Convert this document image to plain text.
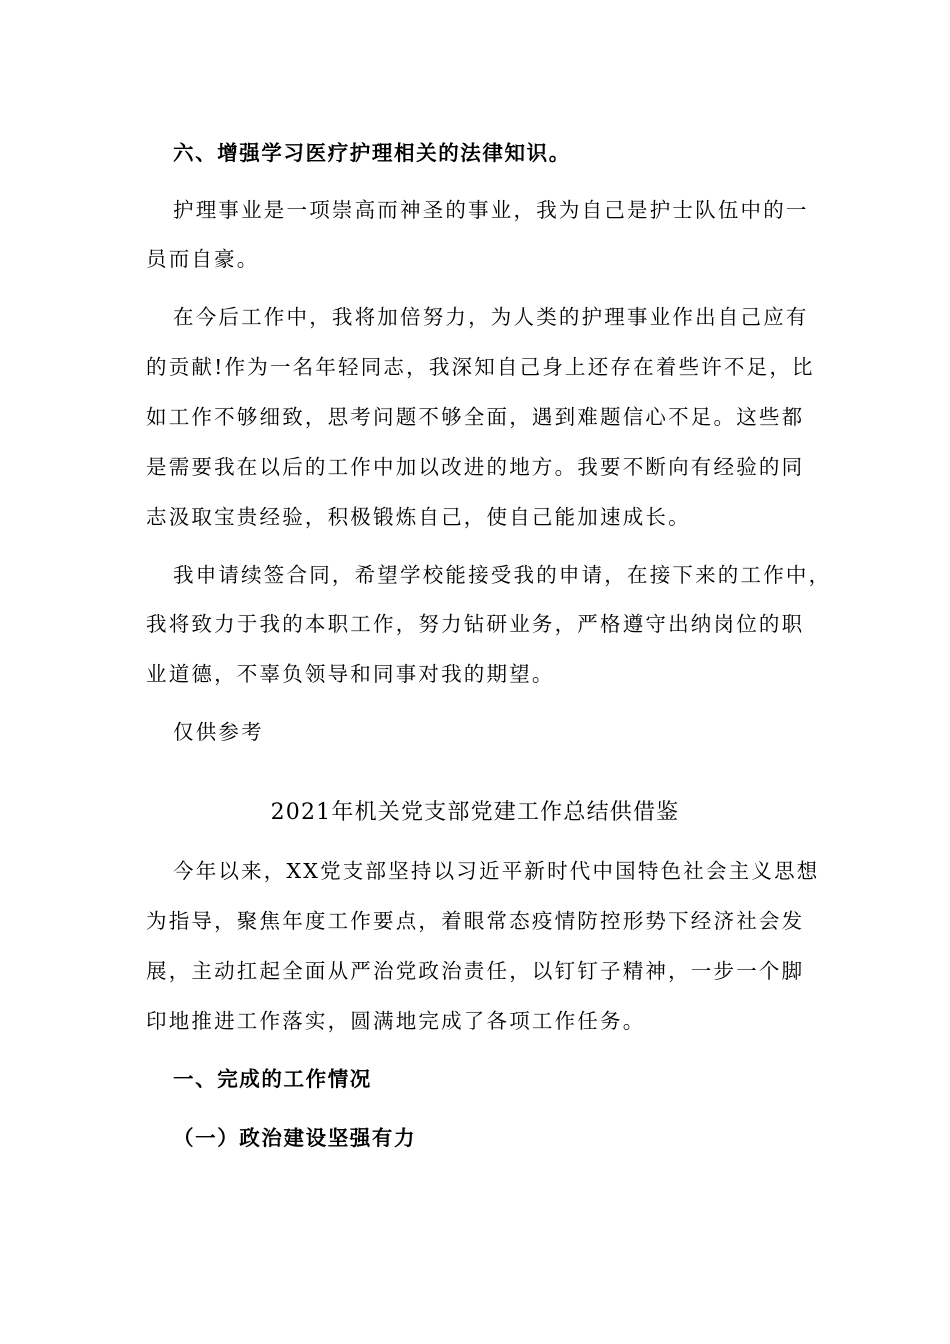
六、增强学习医疗护理相关的法律知识。
护理事业是一项崇高而神圣的事业，我为自己是护士队伍中的一
员而自豪。
在今后工作中，我将加倍努力，为人类的护理事业作出自己应有
的贡献!作为一名年轻同志，我深知自己身上还存在着些许不足，比
如工作不够细致，思考问题不够全面，遇到难题信心不足。这些都
是需要我在以后的工作中加以改进的地方。我要不断向有经验的同
志汲取宝贵经验，积极锻炼自己，使自己能加速成长。
我申请续签合同，希望学校能接受我的申请，在接下来的工作中，
我将致力于我的本职工作，努力钻研业务，严格遵守出纳岗位的职
业道德，不辜负领导和同事对我的期望。
仅供参考
2021年机关党支部党建工作总结供借鉴
今年以来，XX党支部坚持以习近平新时代中国特色社会主义思想
为指导，聚焦年度工作要点，着眼常态疫情防控形势下经济社会发
展，主动扛起全面从严治党政治责任，以钉钉子精神，一步一个脚
印地推进工作落实，圆满地完成了各项工作任务。
一、完成的工作情况
（一）政治建设坚强有力
